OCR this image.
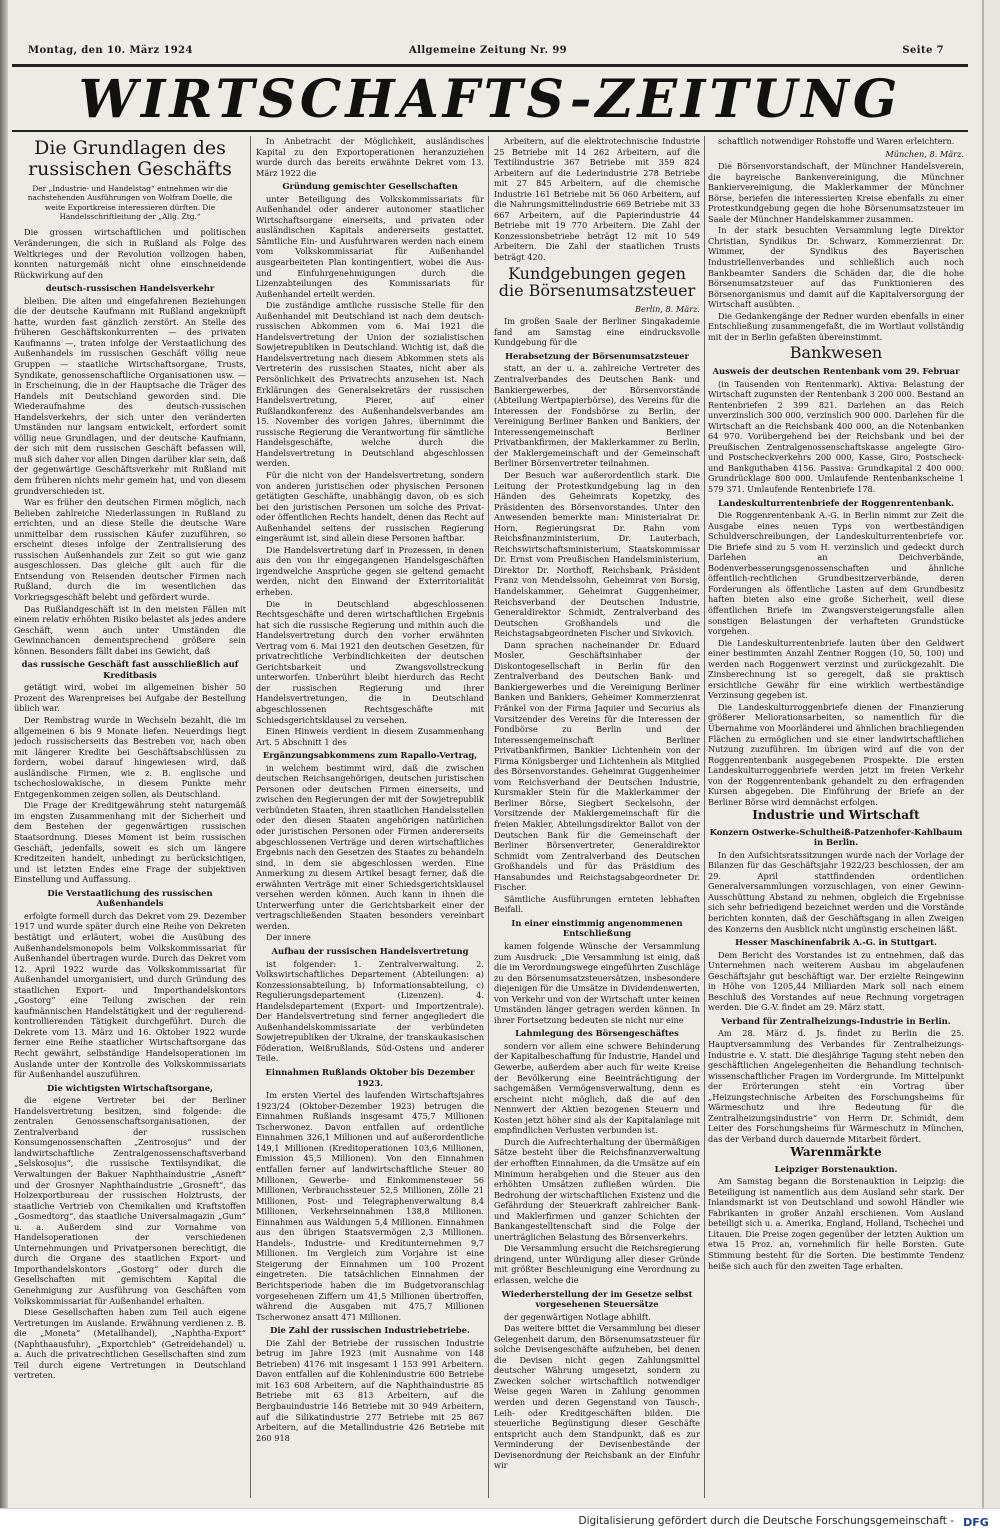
Montag, den 10. März 1924	Allgemeine Zeitung Nr. 99	Seite 7
WIRTSCHAFTS-ZEITUNG
Die Grundlagen des russischen Geschäfts
Der „Industrie- und Handelstag“ entnehmen wir die nachstehenden Ausführungen von Wolfram Doelle, die weite Exportkreise interessieren dürften. Die Handelsschriftleitung der „Allg. Ztg.“

Die grossen wirtschaftlichen und politischen Veränderungen, die sich in Rußland als Folge des Weltkrieges und der Revolution vollzogen haben, konnten naturgemäß nicht ohne einschneidende Rückwirkung auf den

deutsch-russischen Handelsverkehr

bleiben. Die alten und eingefahrenen Beziehungen die der deutsche Kaufmann mit Rußland angeknüpft hatte, wurden fast gänzlich zerstört. An Stelle des früheren Geschäftskonkurrenten — des privaten Kaufmanns —, traten infolge der Verstaatlichung des Außenhandels im russischen Geschäft völlig neue Gruppen — staatliche Wirtschaftsorgane, Trusts, Syndikate, genossenschaftliche Organisationen usw. — in Erscheinung, die in der Hauptsache die Träger des Handels mit Deutschland geworden sind. Die Wiederaufnahme des deutsch-russischen Handelsverkehrs, der sich unter den veränderten Umständen nur langsam entwickelt, erfordert somit völlig neue Grundlagen, und der deutsche Kaufmann, der sich mit dem russischen Geschäft befassen will, muß sich daher vor allen Dingen darüber klar sein, daß der gegenwärtige Geschäftsverkehr mit Rußland mit dem früheren nichts mehr gemein hat, und von diesem grundverschieden ist.

War es früher den deutschen Firmen möglich, nach Belieben zahlreiche Niederlassungen in Rußland zu errichten, und an diese Stelle die deutsche Ware unmittelbar dem russischen Käufer zuzuführen, so erscheint dieses infolge der Zentralisierung des russischen Außenhandels zur Zeit so gut wie ganz ausgeschlossen. Das gleiche gilt auch für die Entsendung von Reisenden deutscher Firmen nach Rußland, durch die im wesentlichen das Vorkriegsgeschäft belebt und gefördert wurde.

Das Rußlandgeschäft ist in den meisten Fällen mit einem relativ erhöhten Risiko belastet als jedes andere Geschäft, wenn auch unter Umständen die Gewinnchancen dementsprechend größere sein können. Besonders fällt dabei ins Gewicht, daß

das russische Geschäft fast ausschließlich auf Kreditbasis

getätigt wird, wobei im allgemeinen bisher 50 Prozent des Warenpreises bei Aufgabe der Bestellung üblich war.

Der Rembstrag wurde in Wechseln bezahlt, die im allgemeinen 6 bis 9 Monate liefen. Neuerdings liegt jedoch russischerseits das Bestreben vor, nach oben mit längerer Kredite bei Geschäftsabschlüssen zu fordern, wobei darauf hingewiesen wird, daß ausländische Firmen, wie z. B. englische und tschechoslowakische, in diesem Punkte mehr Entgegenkommen zeigen sollen, als Deutschland.

Die Frage der Kreditgewährung steht naturgemäß im engsten Zusammenhang mit der Sicherheit und dem Bestehen der gegenwärtigen russischen Staatsordnung. Dieses Moment ist beim russischen Geschäft, jedenfalls, soweit es sich um längere Kreditzeiten handelt, unbedingt zu berücksichtigen, und ist letzten Endes eine Frage der subjektiven Einstellung und Auffassung.

Die Verstaatlichung des russischen Außenhandels

erfolgte formell durch das Dekret vom 29. Dezember 1917 und wurde später durch eine Reihe von Dekreten bestätigt und erläutert, wobei die Ausübung des Außenhandelsmonopols beim Volkskommissariat für Außenhandel übertragen wurde. Durch das Dekret vom 12. April 1922 wurde das Volkskommissariat für Außenhandel umorganisiert, und durch Gründung des staatlichen Export- und Importhandelskontors „Gostorg“ eine Teilung zwischen der rein kaufmännischen Handelstätigkeit und der regulierend-kontrollierenden Tätigkeit durchgeführt. Durch die Dekrete vom 13. März und 16. Oktober 1922 wurde ferner eine Reihe staatlicher Wirtschaftsorgane das Recht gewährt, selbständige Handelsoperationen im Auslande unter der Kontrolle des Volkskommissariats für Außenhandel auszuführen.

Die wichtigsten Wirtschaftsorgane,

die eigene Vertreter bei der Berliner Handelsvertretung besitzen, sind folgende: die zentralen Genossenschaftsorganisationen, der Zentralverband der russischen Konsumgenossenschaften „Zentrosojus“ und der landwirtschaftliche Zentralgenossenschaftsverband „Selskosojus“, die russische Textilsyndikat, die Verwaltungen der Bakuer Naphthaindustrie „Asneft“ und der Grosnyer Naphthaindustrie „Grosneft“, das Holzexportbureau der russischen Holztrusts, der staatliche Vertrieb von Chemikalien und Kraftstoffen „Gosmedtorg“, das staatliche Universalmagazin „Gum“ u. a. Außerdem sind zur Vornahme von Handelsoperationen der verschiedenen Unternehmungen und Privatpersonen berechtigt, die durch die Organe des staatlichen Export- und Importhandelskontors „Gostorg“ oder durch die Gesellschaften mit gemischtem Kapital die Genehmigung zur Ausführung von Geschäften vom Volkskommissariat für Außenhandel erhalten.

Diese Gesellschaften haben zum Teil auch eigene Vertretungen im Auslande. Erwähnung verdienen z. B. die „Moneta“ (Metallhandel), „Naphtha-Export“ (Naphthaausfuhr), „Exportchleb“ (Getreidehandel) u. a. Auch die privatrechtlichen Gesellschaften sind zum Teil durch eigene Vertretungen in Deutschland vertreten.

In Anbetracht der Möglichkeit, ausländisches Kapital zu den Exportoperationen heranzuziehen wurde durch das bereits erwähnte Dekret vom 13. März 1922 die

Gründung gemischter Gesellschaften

unter Beteiligung des Volkskommissariats für Außenhandel oder anderer autonomer staatlicher Wirtschaftsorgane einerseits, und privaten oder ausländischen Kapitals andererseits gestattet. Sämtliche Ein- und Ausfuhrwaren werden nach einem vom Volkskommissariat für Außenhandel ausgearbeiteten Plan kontingentiert, wobei die Aus- und Einfuhrgenehmigungen durch die Lizenzabteilungen des Kommissariats für Außenhandel erteilt werden.

Die zuständige amtliche russische Stelle für den Außenhandel mit Deutschland ist nach dem deutsch-russischen Abkommen vom 6. Mai 1921 die Handelsvertretung der Union der sozialistischen Sowjetrepubliken in Deutschland. Wichtig ist, daß die Handelsvertretung nach diesem Abkommen stets als Vertreterin des russischen Staates, nicht aber als Persönlichkeit des Privatrechts anzusehen ist. Nach Erklärungen des Generalsekretärs der russischen Handelsvertretung, Pierer, auf einer Rußlandkonferenz des Außenhandelsverbandes am 15. November des vorigen Jahres, übernimmt die russische Regierung die Verantwortung für sämtliche Handelsgeschäfte, welche durch die Handelsvertretung in Deutschland abgeschlossen werden.

Für die nicht von der Handelsvertretung, sondern von anderen juristischen oder physischen Personen getätigten Geschäfte, unabhängig davon, ob es sich bei den juristischen Personen um solche des Privat- oder öffentlichen Rechts handelt, denen das Recht auf Außenhandel seitens der russischen Regierung eingeräumt ist, sind allein diese Personen haftbar.

Die Handelsvertretung darf in Prozessen, in denen aus den von ihr eingegangenen Handelsgeschäften irgendwelche Ansprüche gegen sie geltend gemacht werden, nicht den Einwand der Exterritorialität erheben.

Die in Deutschland abgeschlossenen Rechtsgeschäfte und deren wirtschaftlichen Ergebnis hat sich die russische Regierung und mithin auch die Handelsvertretung durch den vorher erwähnten Vertrag vom 6. Mai 1921 den deutschen Gesetzen, für privatrechtliche Verbindlichkeiten der deutschen Gerichtsbarkeit und Zwangsvollstreckung unterworfen. Unberührt bleibt hierdurch das Recht der russischen Regierung und ihrer Handelsvertretungen, die in Deutschland abgeschlossenen Rechtsgeschäfte mit Schiedsgerichtsklausel zu versehen.

Einen Hinweis verdient in diesem Zusammenhang Art. 5 Abschnitt 1 des

Ergänzungsabkommens zum Rapallo-Vertrag,

in welchem bestimmt wird, daß die zwischen deutschen Reichsangehörigen, deutschen juristischen Personen oder deutschen Firmen einerseits, und zwischen den Regierungen der mit der Sowjetrepublik verbündeten Staaten, ihren staatlichen Handelsstellen oder den diesen Staaten angehörigen natürlichen oder juristischen Personen oder Firmen andererseits abgeschlossenen Verträge und deren wirtschaftliches Ergebnis nach den Gesetzen des Staates zu behandeln sind, in dem sie abgeschlossen werden. Eine Anmerkung zu diesem Artikel besagt ferner, daß die erwähnten Verträge mit einer Schiedsgerichtsklausel versehen werden können. Auch kann in ihnen die Unterwerfung unter die Gerichtsbarkeit einer der vertragschließenden Staaten besonders vereinbart werden.

Der innere

Aufbau der russischen Handelsvertretung

ist folgender: 1. Zentralverwaltung. 2. Volkswirtschaftliches Departement (Abteilungen: a) Konzessionsabteilung, b) Informationsabteilung, c) Regulierungsdepartement (Lizenzen). 4. Handelsdepartement (Export- und Importzentrale). Der Handelsvertretung sind ferner angegliedert die Außenhandelskommissariate der verbündeten Sowjetrepubliken der Ukraine, der transkaukasischen Föderation, Weißrußlands, Süd-Ostens und anderer Teile.

Einnahmen Rußlands Oktober bis Dezember 1923.

Im ersten Viertel des laufenden Wirtschaftsjahres 1923/24 (Oktober-Dezember 1923) betrugen die Einnahmen Rußlands insgesamt 475,7 Millionen Tscherwonez. Davon entfallen auf ordentliche Einnahmen 326,1 Millionen und auf außerordentliche 149,1 Millionen (Kreditoperationen 103,6 Millionen, Emission 45,5 Millionen). Von den Einnahmen entfallen ferner auf landwirtschaftliche Steuer 80 Millionen, Gewerbe- und Einkommensteuer 56 Millionen, Verbrauchssteuer 52,5 Millionen, Zölle 21 Millionen, Post- und Telegraphenverwaltung 8,4 Millionen, Verkehrseinnahmen 138,8 Millionen. Einnahmen aus Waldungen 5,4 Millionen. Einnahmen aus den übrigen Staatsvermögen 2,3 Millionen. Handels-, Industrie- und Kreditunternehmen 9,7 Millionen. Im Vergleich zum Vorjahre ist eine Steigerung der Einnahmen um 100 Prozent eingetreten. Die tatsächlichen Einnahmen der Berichtsperiode haben die im Budgetvoranschlag vorgesehenen Ziffern um 41,5 Millionen übertroffen, während die Ausgaben mit 475,7 Millionen Tscherwonez ansatt 471 Millionen.

Die Zahl der russischen Industriebetriebe.

Die Zahl der Betriebe der russischen Industrie betrug im Jahre 1923 (mit Ausnahme von 148 Betrieben) 4176 mit insgesamt 1 153 991 Arbeitern. Davon entfallen auf die Kohlenindustrie 600 Betriebe mit 163 608 Arbeitern, auf die Naphthaindustrie 85 Betriebe mit 63 813 Arbeitern, auf die Bergbauindustrie 146 Betriebe mit 30 949 Arbeitern, auf die Silikatindustrie 277 Betriebe mit 25 867 Arbeitern, auf die Metallindustrie 426 Betriebe mit 260 918

Arbeitern, auf die elektrotechnische Industrie 25 Betriebe mit 14 262 Arbeitern, auf die Textilindustrie 367 Betriebe mit 359 824 Arbeitern auf die Lederindustrie 278 Betriebe mit 27 845 Arbeitern, auf die chemische Industrie 161 Betriebe mit 56 060 Arbeitern, auf die Nahrungsmittelindustrie 669 Betriebe mit 33 667 Arbeitern, auf die Papierindustrie 44 Betriebe mit 19 770 Arbeitern. Die Zahl der Konzessionsbetriebe beträgt 12 mit 10 549 Arbeitern. Die Zahl der staatlichen Trusts beträgt 420.

Kundgebungen gegen die Börsenumsatzsteuer
Berlin, 8. März.

Im großen Saale der Berliner Singakademie fand am Samstag eine eindrucksvolle Kundgebung für die

Herabsetzung der Börsenumsatzsteuer

statt, an der u. a. zahlreiche Vertreter des Zentralverbandes des Deutschen Bank- und Bankiergewerbes, der Börsenvorstände (Abteilung Wertpapierbörse), des Vereins für die Interessen der Fondsbörse zu Berlin, der Vereinigung Berliner Banken und Bankiers, der Interessengemeinschaft Berliner Privatbankfirmen, der Maklerkammer zu Berlin, der Maklergemeinschaft und der Gemeinschaft Berliner Börsenvertreter teilnahmen.

Der Besuch war außerordentlich stark. Die Leitung der Protestkundgebung lag in den Händen des Geheimrats Kopetzky, des Präsidenten des Börsenvorstandes. Unter den Anwesenden bemerkte man: Ministerialrat Dr. Horn, Regierungsrat Dr. Rahn vom Reichsfinanzministerium, Dr. Lauterbach, Reichswirtschaftsministerium, Staatskommissar Dr. Ernst vom Preußischen Handelsministerium, Direktor Dr. Northoff, Reichsbank, Präsident Franz von Mendelssohn, Geheimrat von Borsig, Handelskammer, Geheimrat Guggenheimer, Reichsverband der Deutschen Industrie, Generaldirektor Schmidt, Zentralverband des Deutschen Großhandels und die Reichstagsabgeordneten Fischer und Sivkovich.

Dann sprachen nacheinander Dr. Eduard Mosler, Geschäftsinhaber der Diskontogesellschaft in Berlin für den Zentralverband des Deutschen Bank- und Bankiergewerbes und die Vereinigung Berliner Banken und Bankiers, Geheimer Kommerzienrat Fränkel von der Firma Jaquier und Securius als Vorsitzender des Vereins für die Interessen der Fondbörse zu Berlin und der Interessengemeinschaft Berliner Privatbankfirmen, Bankier Lichtenhein von der Firma Königsberger und Lichtenhein als Mitglied des Börsenvorstandes. Geheimrat Guggenheimer vom Reichsverband der Deutschen Industrie, Kursmakler Stein für die Maklerkammer der Berliner Börse, Siegbert Seckelsohn, der Vorsitzende der Maklergemeinschaft für die freien Makler, Abteilungsdirektor Ballot von der Deutschen Bank für die Gemeinschaft der Berliner Börsenvertreter, Generaldirektor Schmidt vom Zentralverband des Deutschen Großhandels und für das Präsidium des Hansabundes und Reichstagsabgeordneter Dr. Fischer.

Sämtliche Ausführungen ernteten lebhaften Beifall.

In einer einstimmig angenommenen Entschließung

kamen folgende Wünsche der Versammlung zum Ausdruck: „Die Versammlung ist einig, daß die im Verordnungswege eingeführten Zuschläge zu den Börsenumsatzsteuersätzen, insbesondere diejenigen für die Umsätze in Dividendenwerten, von Verkehr und von der Wirtschaft unter keinen Umständen länger getragen werden können. In ihrer Fortsetzung bedeuten sie nicht nur eine

Lahmlegung des Börsengeschäftes

sondern vor allem eine schwere Behinderung der Kapitalbeschaffung für Industrie, Handel und Gewerbe, außerdem aber auch für weite Kreise der Bevölkerung eine Beeinträchtigung der sachgemäßen Vermögensverwaltung, denn es erscheint nicht möglich, daß die auf den Nennwert der Aktien bezogenen Steuern und Kosten jetzt höher sind als der Kapitalanlage mit empfindlichen Verlusten verbunden ist.

Durch die Aufrechterhaltung der übermäßigen Sätze besteht über die Reichsfinanzverwaltung der erhofften Einnahmen, da die Umsätze auf ein Minimum herabgehen und die Steuer aus den erhöhten Umsätzen zufließen würden. Die Bedrohung der wirtschaftlichen Existenz und die Gefährdung der Steuerkraft zahlreicher Bank- und Maklerfirmen und ganzer Schichten der Bankangestelltenschaft sind die Folge der unerträglichen Belastung des Börsenverkehrs.

Die Versammlung ersucht die Reichsregierung dringend, unter Würdigung aller dieser Gründe mit größter Beschleunigung eine Verordnung zu erlassen, welche die

Wiederherstellung der im Gesetze selbst vorgesehenen Steuersätze

der gegenwärtigen Notlage abhilft.

Das weitere bittet die Versammlung bei dieser Gelegenheit darum, den Börsenumsatzsteuer für solche Devisengeschäfte aufzuheben, bei denen die Devisen nicht gegen Zahlungsmittel deutscher Währung umgesetzt, sondern zu Zwecken solcher wirtschaftlich notwendiger Weise gegen Waren in Zahlung genommen werden und deren Gegenstand von Tausch-, Leih- oder Kreditgeschäften bilden. Die steuerliche Begünstigung dieser Geschäfte entspricht auch dem Standpunkt, daß es zur Verminderung der Devisenbestände der Devisenordnung der Reichsbank an der Einfuhr wir

schaftlich notwendiger Rohstoffe und Waren erleichtern.

München, 8. März.

Die Börsenvorstandschaft, der Münchner Handelsverein, die bayreische Bankenvereinigung, die Münchner Bankiervereinigung, die Maklerkammer der Münchner Börse, beriefen die interessierten Kreise ebenfalls zu einer Protestkundgebung gegen die hohe Börsenumsatzsteuer im Saale der Münchner Handelskammer zusammen.

In der stark besuchten Versammlung legte Direktor Christian, Syndikus Dr. Schwarz, Kommerzienrat Dr. Wimmer, der Syndikus des Bayerischen Industriellenverbandes und schließlich auch noch Bankbeamter Sanders die Schäden dar, die die hohe Börsenumsatzsteuer auf das Funktionieren des Börsenorganismus und damit auf die Kapitalversorgung der Wirtschaft ausübten.

Die Gedankengänge der Redner wurden ebenfalls in einer Entschließung zusammengefaßt, die im Wortlaut vollständig mit der in Berlin gefaßten übereinstimmt.

Bankwesen
Ausweis der deutschen Rentenbank vom 29. Februar

(in Tausenden von Rentenmark). Aktiva: Belastung der Wirtschaft zugunsten der Rentenbank 3 200 000. Bestand an Rentenbriefen 2 399 821. Darlehen an das Reich unverzinslich 300 000, verzinslich 900 000. Darlehen für die Wirtschaft an die Reichsbank 400 000, an die Notenbanken 64 970. Vorübergehend bei der Reichsbank und bei der Preußischen Zentralgenossenschaftskasse angelegte Giro- und Postscheckverkehrs 200 000, Kasse, Giro, Postscheck- und Bankguthaben 4156. Passiva: Grundkapital 2 400 000. Grundrücklage 800 000. Umlaufende Rentenbankscheine 1 579 371. Umlaufende Rentenbriefe 178.

Landeskulturrentenbriefe der Roggenrentenbank.

Die Roggenrentenbank A.-G. in Berlin nimmt zur Zeit die Ausgabe eines neuen Typs von wertbeständigen Schuldverschreibungen, der Landeskulturrentenbriefe vor. Die Briefe sind zu 5 vom H. verzinslich und gedeckt durch Darlehen an Deichverbände, Bodenverbesserungsgenossenschaften und ähnliche öffentlich-rechtlichen Grundbesitzerverbände, deren Forderungen als öffentliche Lasten auf dem Grundbesitz haften bieten also eine große Sicherheit, weil diese öffentlichen Briefe im Zwangsversteigerungsfalle allen sonstigen Belastungen der verhafteten Grundstücke vorgehen.

Die Landeskulturrentenbriefe lauten über den Geldwert einer bestimmten Anzahl Zentner Roggen (10, 50, 100) und werden nach Roggenwert verzinst und zurückgezahlt. Die Zinsberechnung ist so geregelt, daß sie praktisch ersichtliche Gewähr für eine wirklich wertbeständige Verzinsung gegeben ist.

Die Landeskulturroggenbriefe dienen der Finanzierung größerer Meliorationsarbeiten, so namentlich für die Übernahme von Moorländerei und ähnlichen brachliegenden Flächen zu ermöglichen und sie einer landwirtschaftlichen Nutzung zuzuführen. Im übrigen wird auf die von der Roggenrentenbank ausgegebenen Prospekte. Die ersten Landeskulturroggenbriefe werden jetzt im freien Verkehr von der Roggenrentenbank gehandelt zu den erfragenden Kursen abgegeben. Die Einführung der Briefe an der Berliner Börse wird demnächst erfolgen.

Industrie und Wirtschaft
Konzern Ostwerke-Schultheiß-Patzenhofer-Kahlbaum in Berlin.

In den Aufsichtsratssitzungen wurde nach der Vorlage der Bilanzen für das Geschäftsjahr 1922/23 beschlossen, der am 29. April stattfindenden ordentlichen Generalversammlungen vorzuschlagen, von einer Gewinn-Ausschüttung Abstand zu nehmen, obgleich die Ergebnisse sich sehr befriedigend bezeichnet werden und die Vorstände berichten konnten, daß der Geschäftsgang in allen Zweigen des Konzerns den Ausblick nicht ungünstig erscheinen läßt.

Hesser Maschinenfabrik A.-G. in Stuttgart.

Dem Bericht des Vorstandes ist zu entnehmen, daß das Unternehmen nach weiterem Ausbau im abgelaufenen Geschäftsjahr gut beschäftigt war. Der erzielte Reingewinn in Höhe von 1205,44 Milliarden Mark soll nach einem Beschluß des Vorstandes auf neue Rechnung vorgetragen werden. Die G.-V. findet am 29. März statt.

Verband für Zentralheizungs-Industrie in Berlin.

Am 28. März d. Js. findet zu Berlin die 25. Hauptversammlung des Verbandes für Zentralheizungs-Industrie e. V. statt. Die diesjährige Tagung steht neben den geschäftlichen Angelegenheiten die Behandlung technisch-wissenschaftlicher Fragen im Vordergrunde. Im Mittelpunkt der Erörterungen steht ein Vortrag über „Heizungstechnische Arbeiten des Forschungsheims für Wärmeschutz und ihre Bedeutung für die Zentralheizungsindustrie“ von Herrn Dr. Schmidt, dem Leiter des Forschungsheims für Wärmeschutz in München, das der Verband durch dauernde Mitarbeit fördert.

Warenmärkte
Leipziger Borstenauktion.

Am Samstag begann die Borstenauktion in Leipzig: die Beteiligung ist namentlich aus dem Ausland sehr stark. Der Inlandsmarkt ist von Deutschland und sowohl Händler wie Fabrikanten in großer Anzahl erschienen. Vom Ausland beteiligt sich u. a. Amerika, England, Holland, Tschechei und Litauen. Die Preise zogen gegenüber der letzten Auktion um etwa 15 Proz. an, vornehmlich für helle Borsten. Gute Stimmung besteht für die Sorten. Die bestimmte Tendenz heiße sich auch für den zweiten Tage erhalten.

Digitalisierung gefördert durch die Deutsche Forschungsgemeinschaft - DFG
